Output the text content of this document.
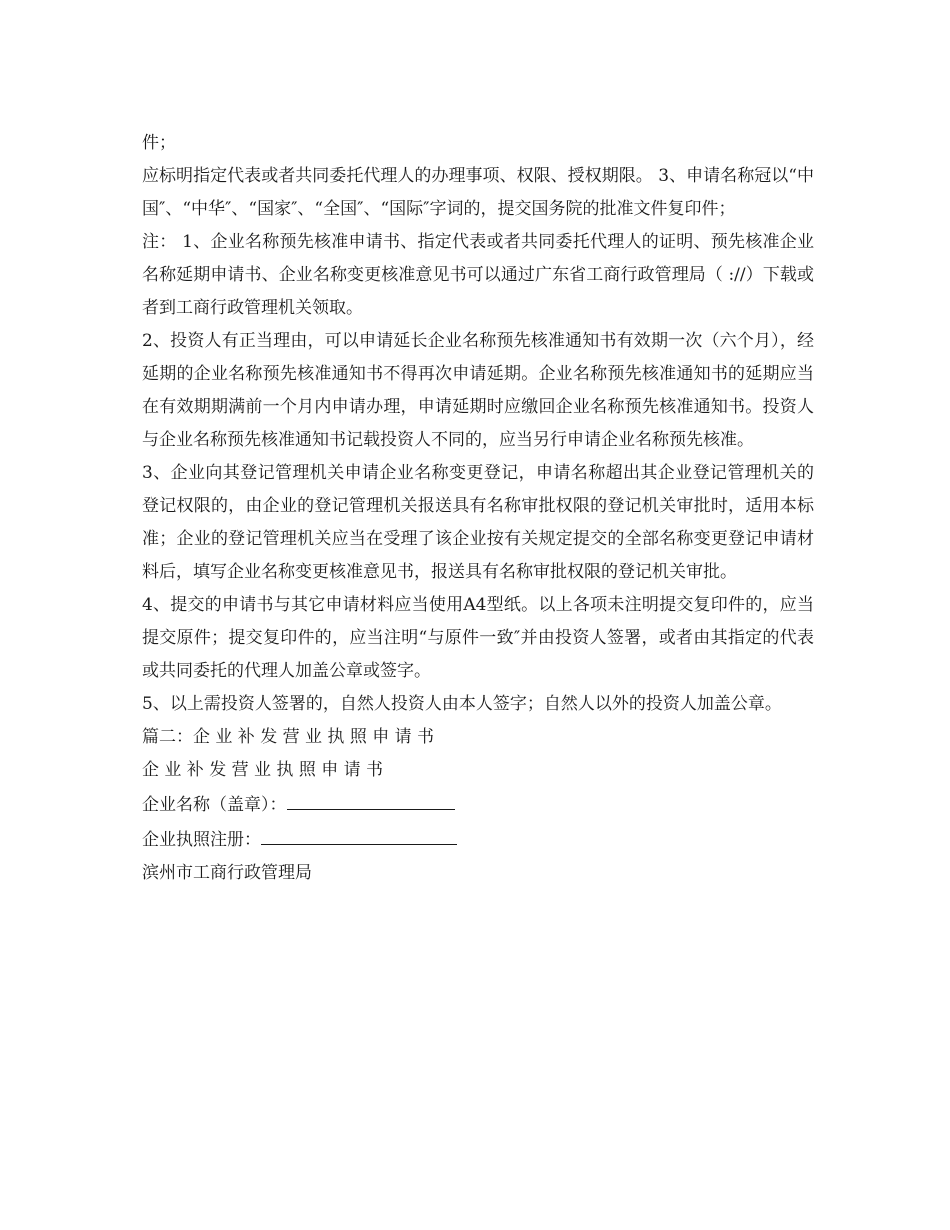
件；

应标明指定代表或者共同委托代理人的办理事项、权限、授权期限。 3、申请名称冠以“中国″、“中华″、“国家″、“全国″、“国际″字词的，提交国务院的批准文件复印件；

注： 1、企业名称预先核准申请书、指定代表或者共同委托代理人的证明、预先核准企业名称延期申请书、企业名称变更核准意见书可以通过广东省工商行政管理局（ ://）下载或者到工商行政管理机关领取。

2、投资人有正当理由，可以申请延长企业名称预先核准通知书有效期一次（六个月），经延期的企业名称预先核准通知书不得再次申请延期。企业名称预先核准通知书的延期应当在有效期期满前一个月内申请办理，申请延期时应缴回企业名称预先核准通知书。投资人与企业名称预先核准通知书记载投资人不同的，应当另行申请企业名称预先核准。

3、企业向其登记管理机关申请企业名称变更登记，申请名称超出其企业登记管理机关的登记权限的，由企业的登记管理机关报送具有名称审批权限的登记机关审批时，适用本标准；企业的登记管理机关应当在受理了该企业按有关规定提交的全部名称变更登记申请材料后，填写企业名称变更核准意见书，报送具有名称审批权限的登记机关审批。

4、提交的申请书与其它申请材料应当使用A4型纸。以上各项未注明提交复印件的，应当提交原件；提交复印件的，应当注明“与原件一致″并由投资人签署，或者由其指定的代表或共同委托的代理人加盖公章或签字。

5、以上需投资人签署的，自然人投资人由本人签字；自然人以外的投资人加盖公章。

篇二：企 业 补 发 营 业 执 照 申 请 书

企 业 补 发 营 业 执 照 申 请 书

企业名称（盖章）：

企业执照注册：

滨州市工商行政管理局
